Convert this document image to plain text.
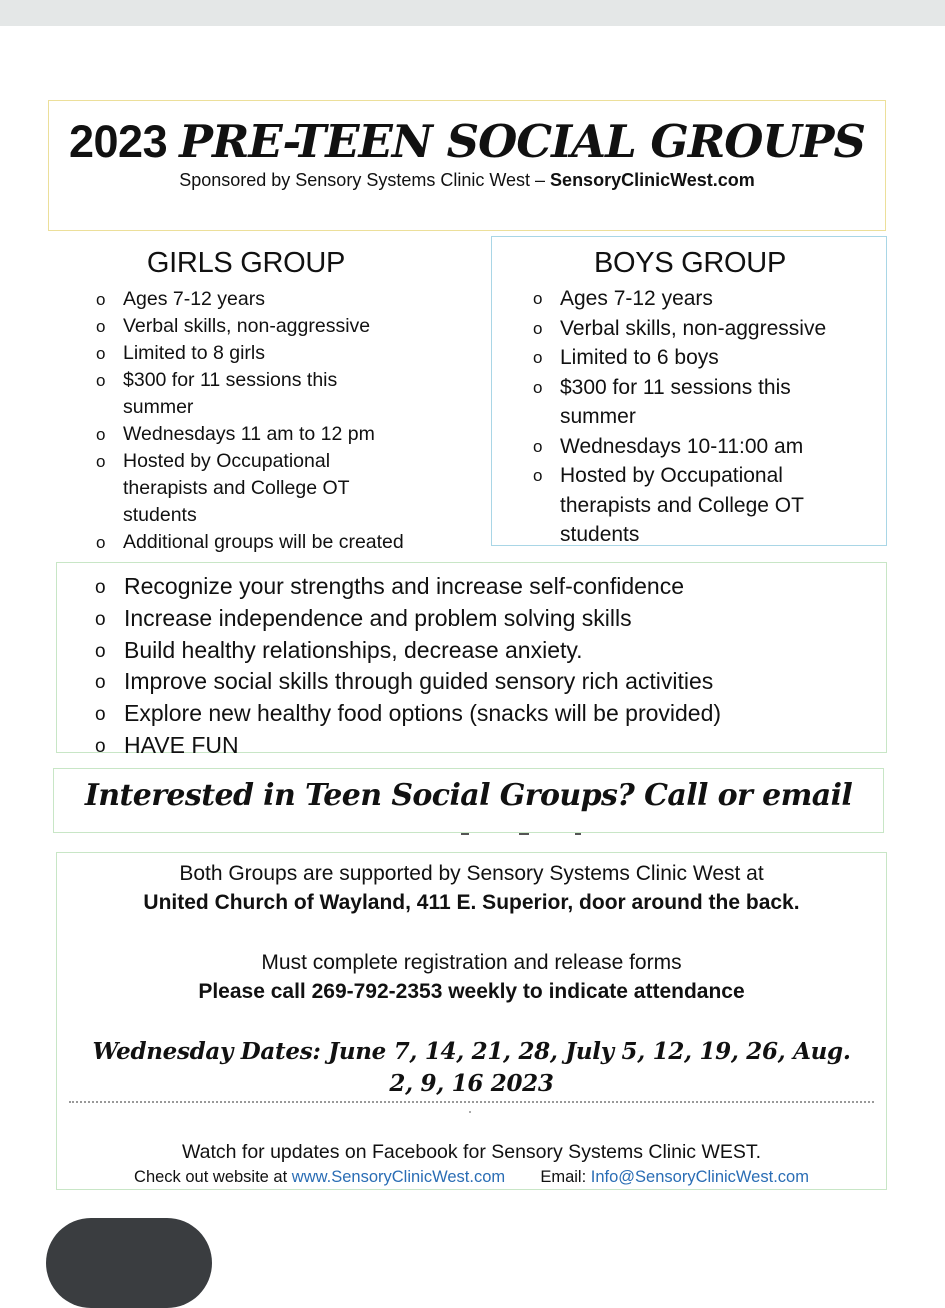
2023 PRE-TEEN SOCIAL GROUPS
Sponsored by Sensory Systems Clinic West – SensoryClinicWest.com
GIRLS GROUP
o Ages 7-12 years
o Verbal skills, non-aggressive
o Limited to 8 girls
o $300 for 11 sessions this summer
o Wednesdays 11 am to 12 pm
o Hosted by Occupational therapists and College OT students
o Additional groups will be created
BOYS GROUP
o Ages 7-12 years
o Verbal skills, non-aggressive
o Limited to 6 boys
o $300 for 11 sessions this summer
o Wednesdays 10-11:00 am
o Hosted by Occupational therapists and College OT students
o Recognize your strengths and increase self-confidence
o Increase independence and problem solving skills
o Build healthy relationships, decrease anxiety.
o Improve social skills through guided sensory rich activities
o Explore new healthy food options (snacks will be provided)
o HAVE FUN
Interested in Teen Social Groups? Call or email
Both Groups are supported by Sensory Systems Clinic West at
United Church of Wayland, 411 E. Superior, door around the back.
Must complete registration and release forms
Please call 269-792-2353 weekly to indicate attendance
Wednesday Dates: June 7, 14, 21, 28, July 5, 12, 19, 26, Aug. 2, 9, 16 2023
Watch for updates on Facebook for Sensory Systems Clinic WEST.
Check out website at www.SensoryClinicWest.com Email: Info@SensoryClinicWest.com
